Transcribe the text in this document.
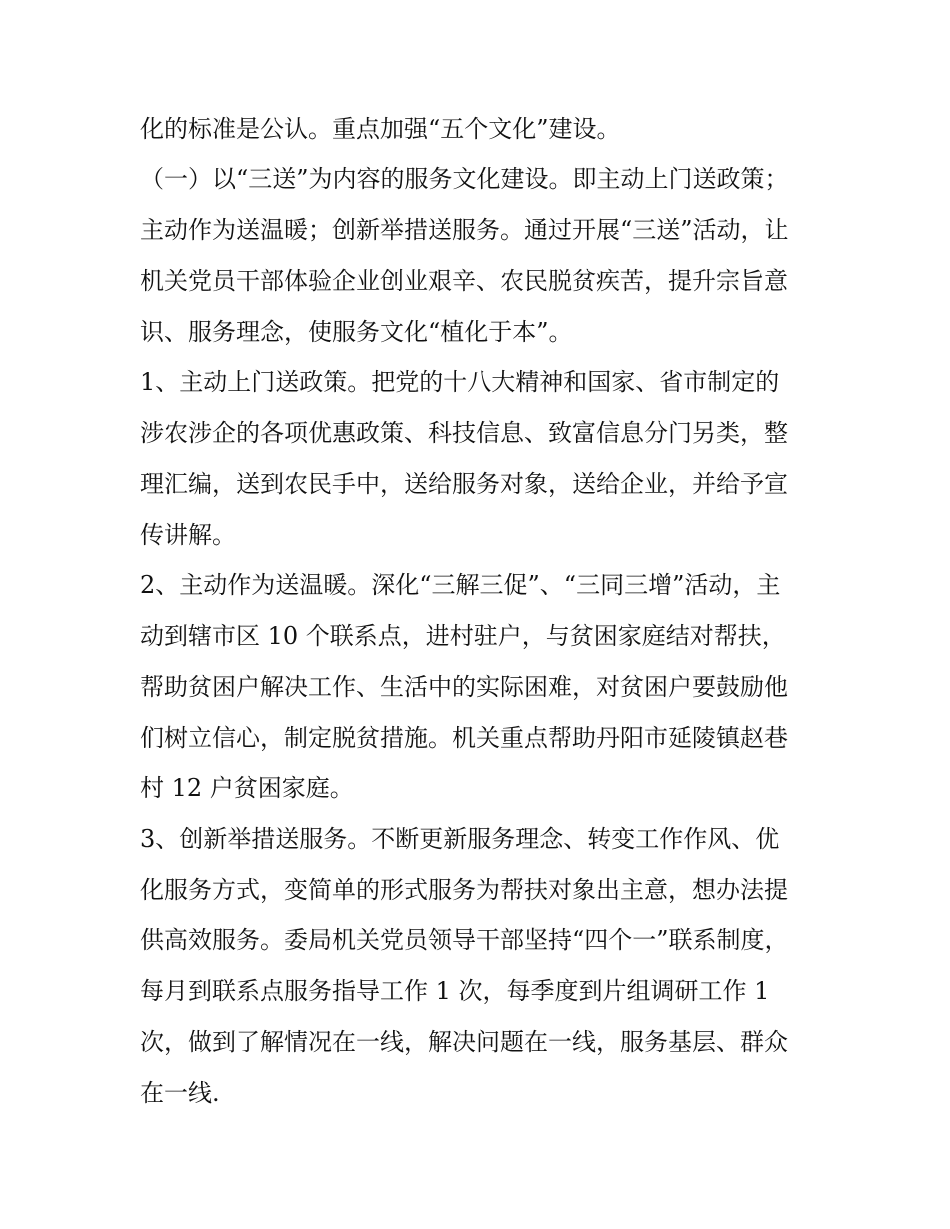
化的标准是公认。重点加强“五个文化”建设。
（一）以“三送”为内容的服务文化建设。即主动上门送政策；
主动作为送温暖；创新举措送服务。通过开展“三送”活动，让
机关党员干部体验企业创业艰辛、农民脱贫疾苦，提升宗旨意
识、服务理念，使服务文化“植化于本”。
1、主动上门送政策。把党的十八大精神和国家、省市制定的
涉农涉企的各项优惠政策、科技信息、致富信息分门另类，整
理汇编，送到农民手中，送给服务对象，送给企业，并给予宣
传讲解。
2、主动作为送温暖。深化“三解三促”、“三同三增”活动，主
动到辖市区 10 个联系点，进村驻户，与贫困家庭结对帮扶，
帮助贫困户解决工作、生活中的实际困难，对贫困户要鼓励他
们树立信心，制定脱贫措施。机关重点帮助丹阳市延陵镇赵巷
村 12 户贫困家庭。
3、创新举措送服务。不断更新服务理念、转变工作作风、优
化服务方式，变简单的形式服务为帮扶对象出主意，想办法提
供高效服务。委局机关党员领导干部坚持“四个一”联系制度，
每月到联系点服务指导工作 1 次，每季度到片组调研工作 1
次，做到了解情况在一线，解决问题在一线，服务基层、群众
在一线.
